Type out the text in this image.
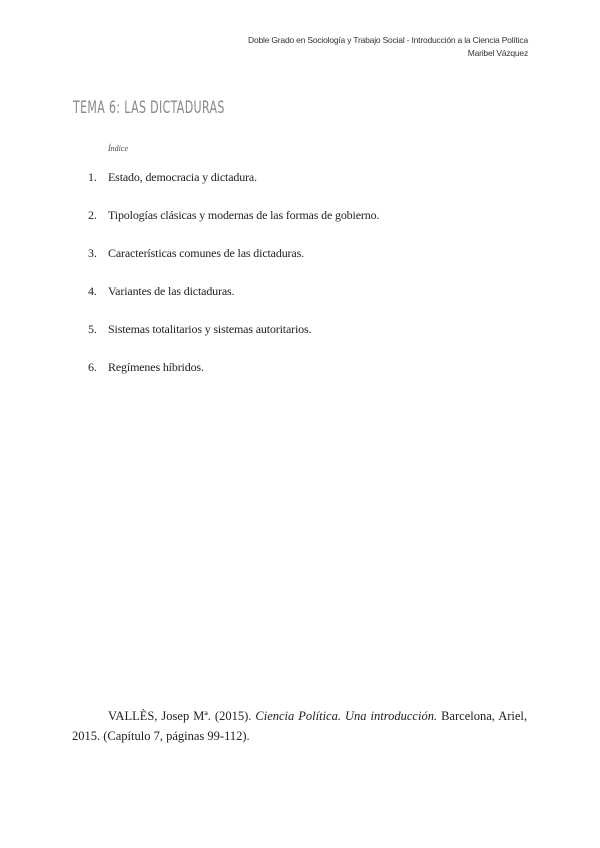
Doble Grado en Sociología y Trabajo Social - Introducción a la Ciencia Política
Maribel Vázquez
TEMA 6: LAS DICTADURAS
Índice
1. Estado, democracia y dictadura.
2. Tipologías clásicas y modernas de las formas de gobierno.
3. Características comunes de las dictaduras.
4. Variantes de las dictaduras.
5. Sistemas totalitarios y sistemas autoritarios.
6. Regímenes híbridos.
VALLÈS, Josep Mª. (2015). Ciencia Política. Una introducción. Barcelona, Ariel, 2015. (Capítulo 7, páginas 99-112).
